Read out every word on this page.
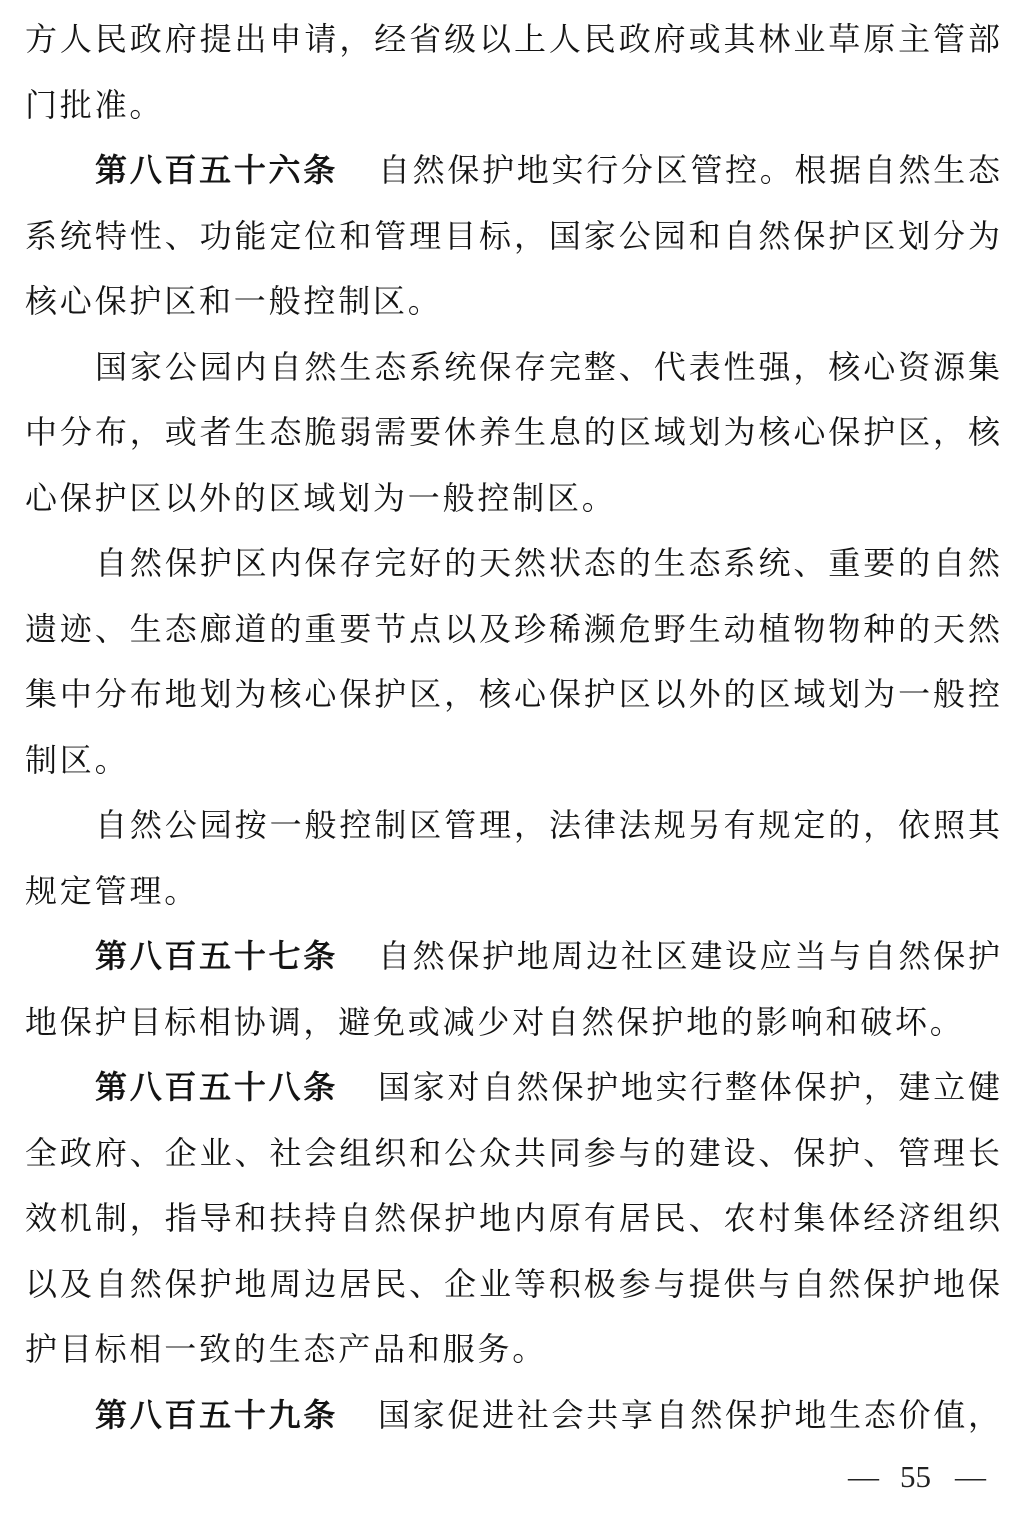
方人民政府提出申请，经省级以上人民政府或其林业草原主管部
门批准。
第八百五十六条 自然保护地实行分区管控。根据自然生态
系统特性、功能定位和管理目标，国家公园和自然保护区划分为
核心保护区和一般控制区。
国家公园内自然生态系统保存完整、代表性强，核心资源集
中分布，或者生态脆弱需要休养生息的区域划为核心保护区，核
心保护区以外的区域划为一般控制区。
自然保护区内保存完好的天然状态的生态系统、重要的自然
遗迹、生态廊道的重要节点以及珍稀濒危野生动植物物种的天然
集中分布地划为核心保护区，核心保护区以外的区域划为一般控
制区。
自然公园按一般控制区管理，法律法规另有规定的，依照其
规定管理。
第八百五十七条 自然保护地周边社区建设应当与自然保护
地保护目标相协调，避免或减少对自然保护地的影响和破坏。
第八百五十八条 国家对自然保护地实行整体保护，建立健
全政府、企业、社会组织和公众共同参与的建设、保护、管理长
效机制，指导和扶持自然保护地内原有居民、农村集体经济组织
以及自然保护地周边居民、企业等积极参与提供与自然保护地保
护目标相一致的生态产品和服务。
第八百五十九条 国家促进社会共享自然保护地生态价值，
— 55 —
